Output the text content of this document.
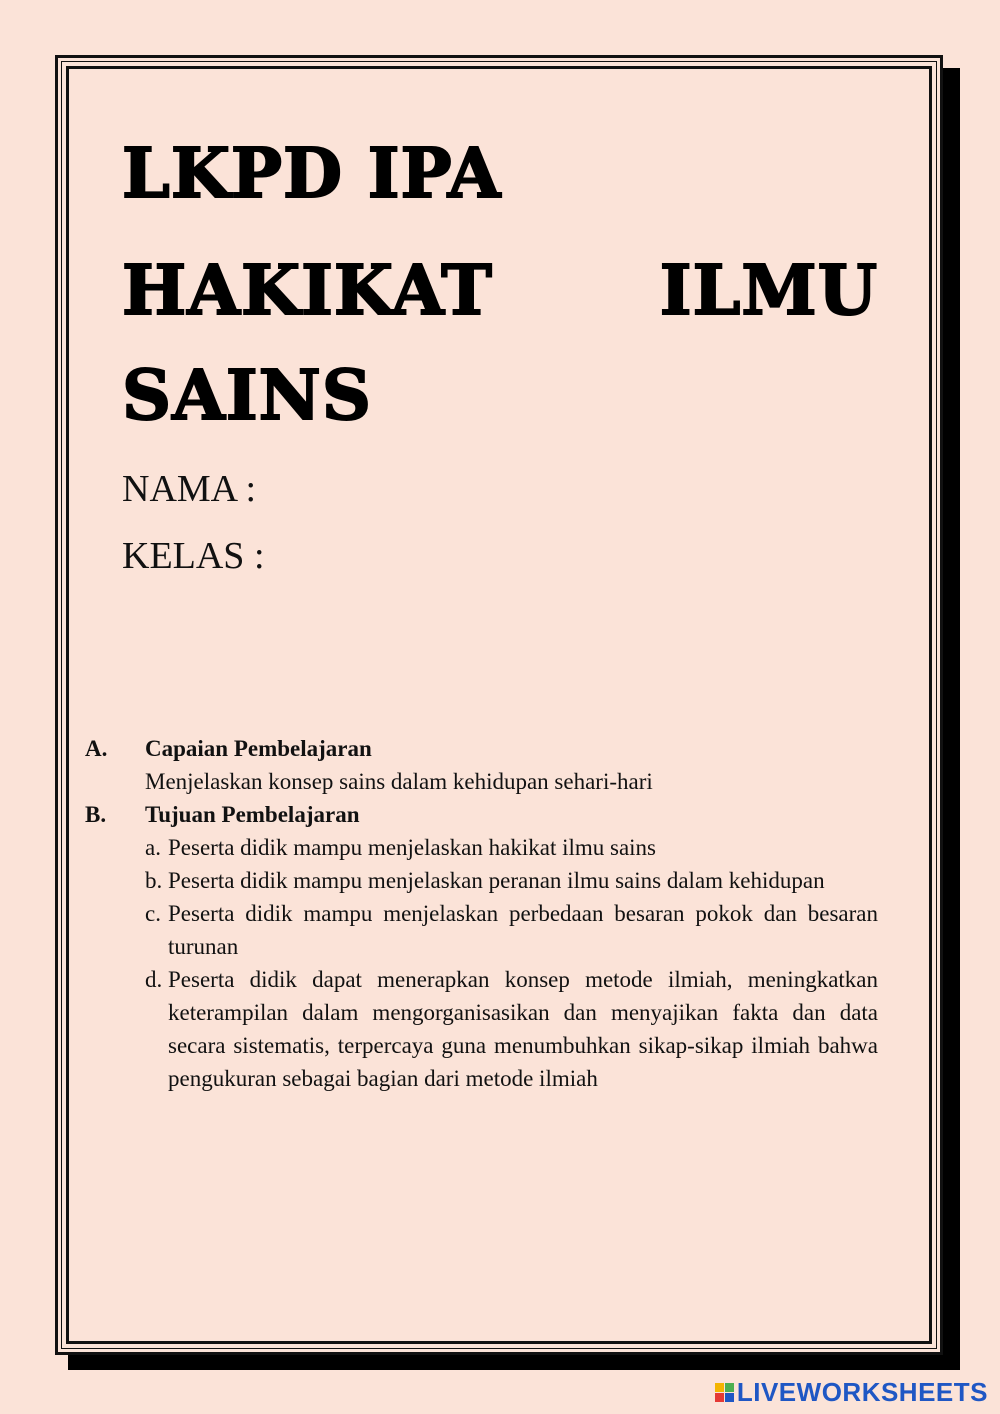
LKPD IPA
HAKIKAT ILMU
SAINS
NAMA :
KELAS :
A.	Capaian Pembelajaran
Menjelaskan konsep sains dalam kehidupan sehari-hari
B.	Tujuan Pembelajaran
a. Peserta didik mampu menjelaskan hakikat ilmu sains
b. Peserta didik mampu menjelaskan peranan ilmu sains dalam kehidupan
c. Peserta didik mampu menjelaskan perbedaan besaran pokok dan besaran turunan
d. Peserta didik dapat menerapkan konsep metode ilmiah, meningkatkan keterampilan dalam mengorganisasikan dan menyajikan fakta dan data secara sistematis, terpercaya guna menumbuhkan sikap-sikap ilmiah bahwa pengukuran sebagai bagian dari metode ilmiah
LIVEWORKSHEETS
